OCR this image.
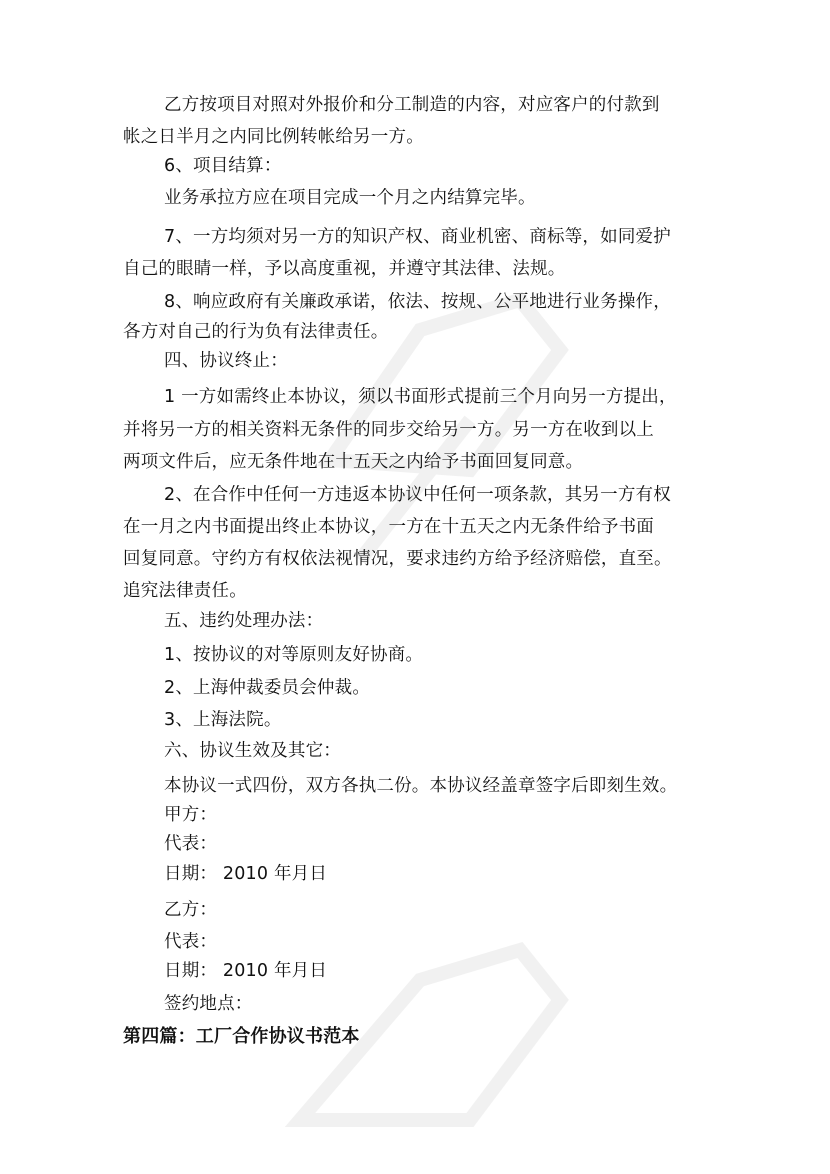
乙方按项目对照对外报价和分工制造的内容，对应客户的付款到
帐之日半月之内同比例转帐给另一方。
6、项目结算：
业务承拉方应在项目完成一个月之内结算完毕。
7、一方均须对另一方的知识产权、商业机密、商标等，如同爱护
自己的眼睛一样，予以高度重视，并遵守其法律、法规。
8、响应政府有关廉政承诺，依法、按规、公平地进行业务操作，
各方对自己的行为负有法律责任。
四、协议终止：
1 一方如需终止本协议，须以书面形式提前三个月向另一方提出，
并将另一方的相关资料无条件的同步交给另一方。另一方在收到以上
两项文件后，应无条件地在十五天之内给予书面回复同意。
2、在合作中任何一方违返本协议中任何一项条款，其另一方有权
在一月之内书面提出终止本协议，一方在十五天之内无条件给予书面
回复同意。守约方有权依法视情况，要求违约方给予经济赔偿，直至。
追究法律责任。
五、违约处理办法：
1、按协议的对等原则友好协商。
2、上海仲裁委员会仲裁。
3、上海法院。
六、协议生效及其它：
本协议一式四份，双方各执二份。本协议经盖章签字后即刻生效。
甲方：
代表：
日期： 2010 年月日
乙方：
代表：
日期： 2010 年月日
签约地点：
第四篇：工厂合作协议书范本
